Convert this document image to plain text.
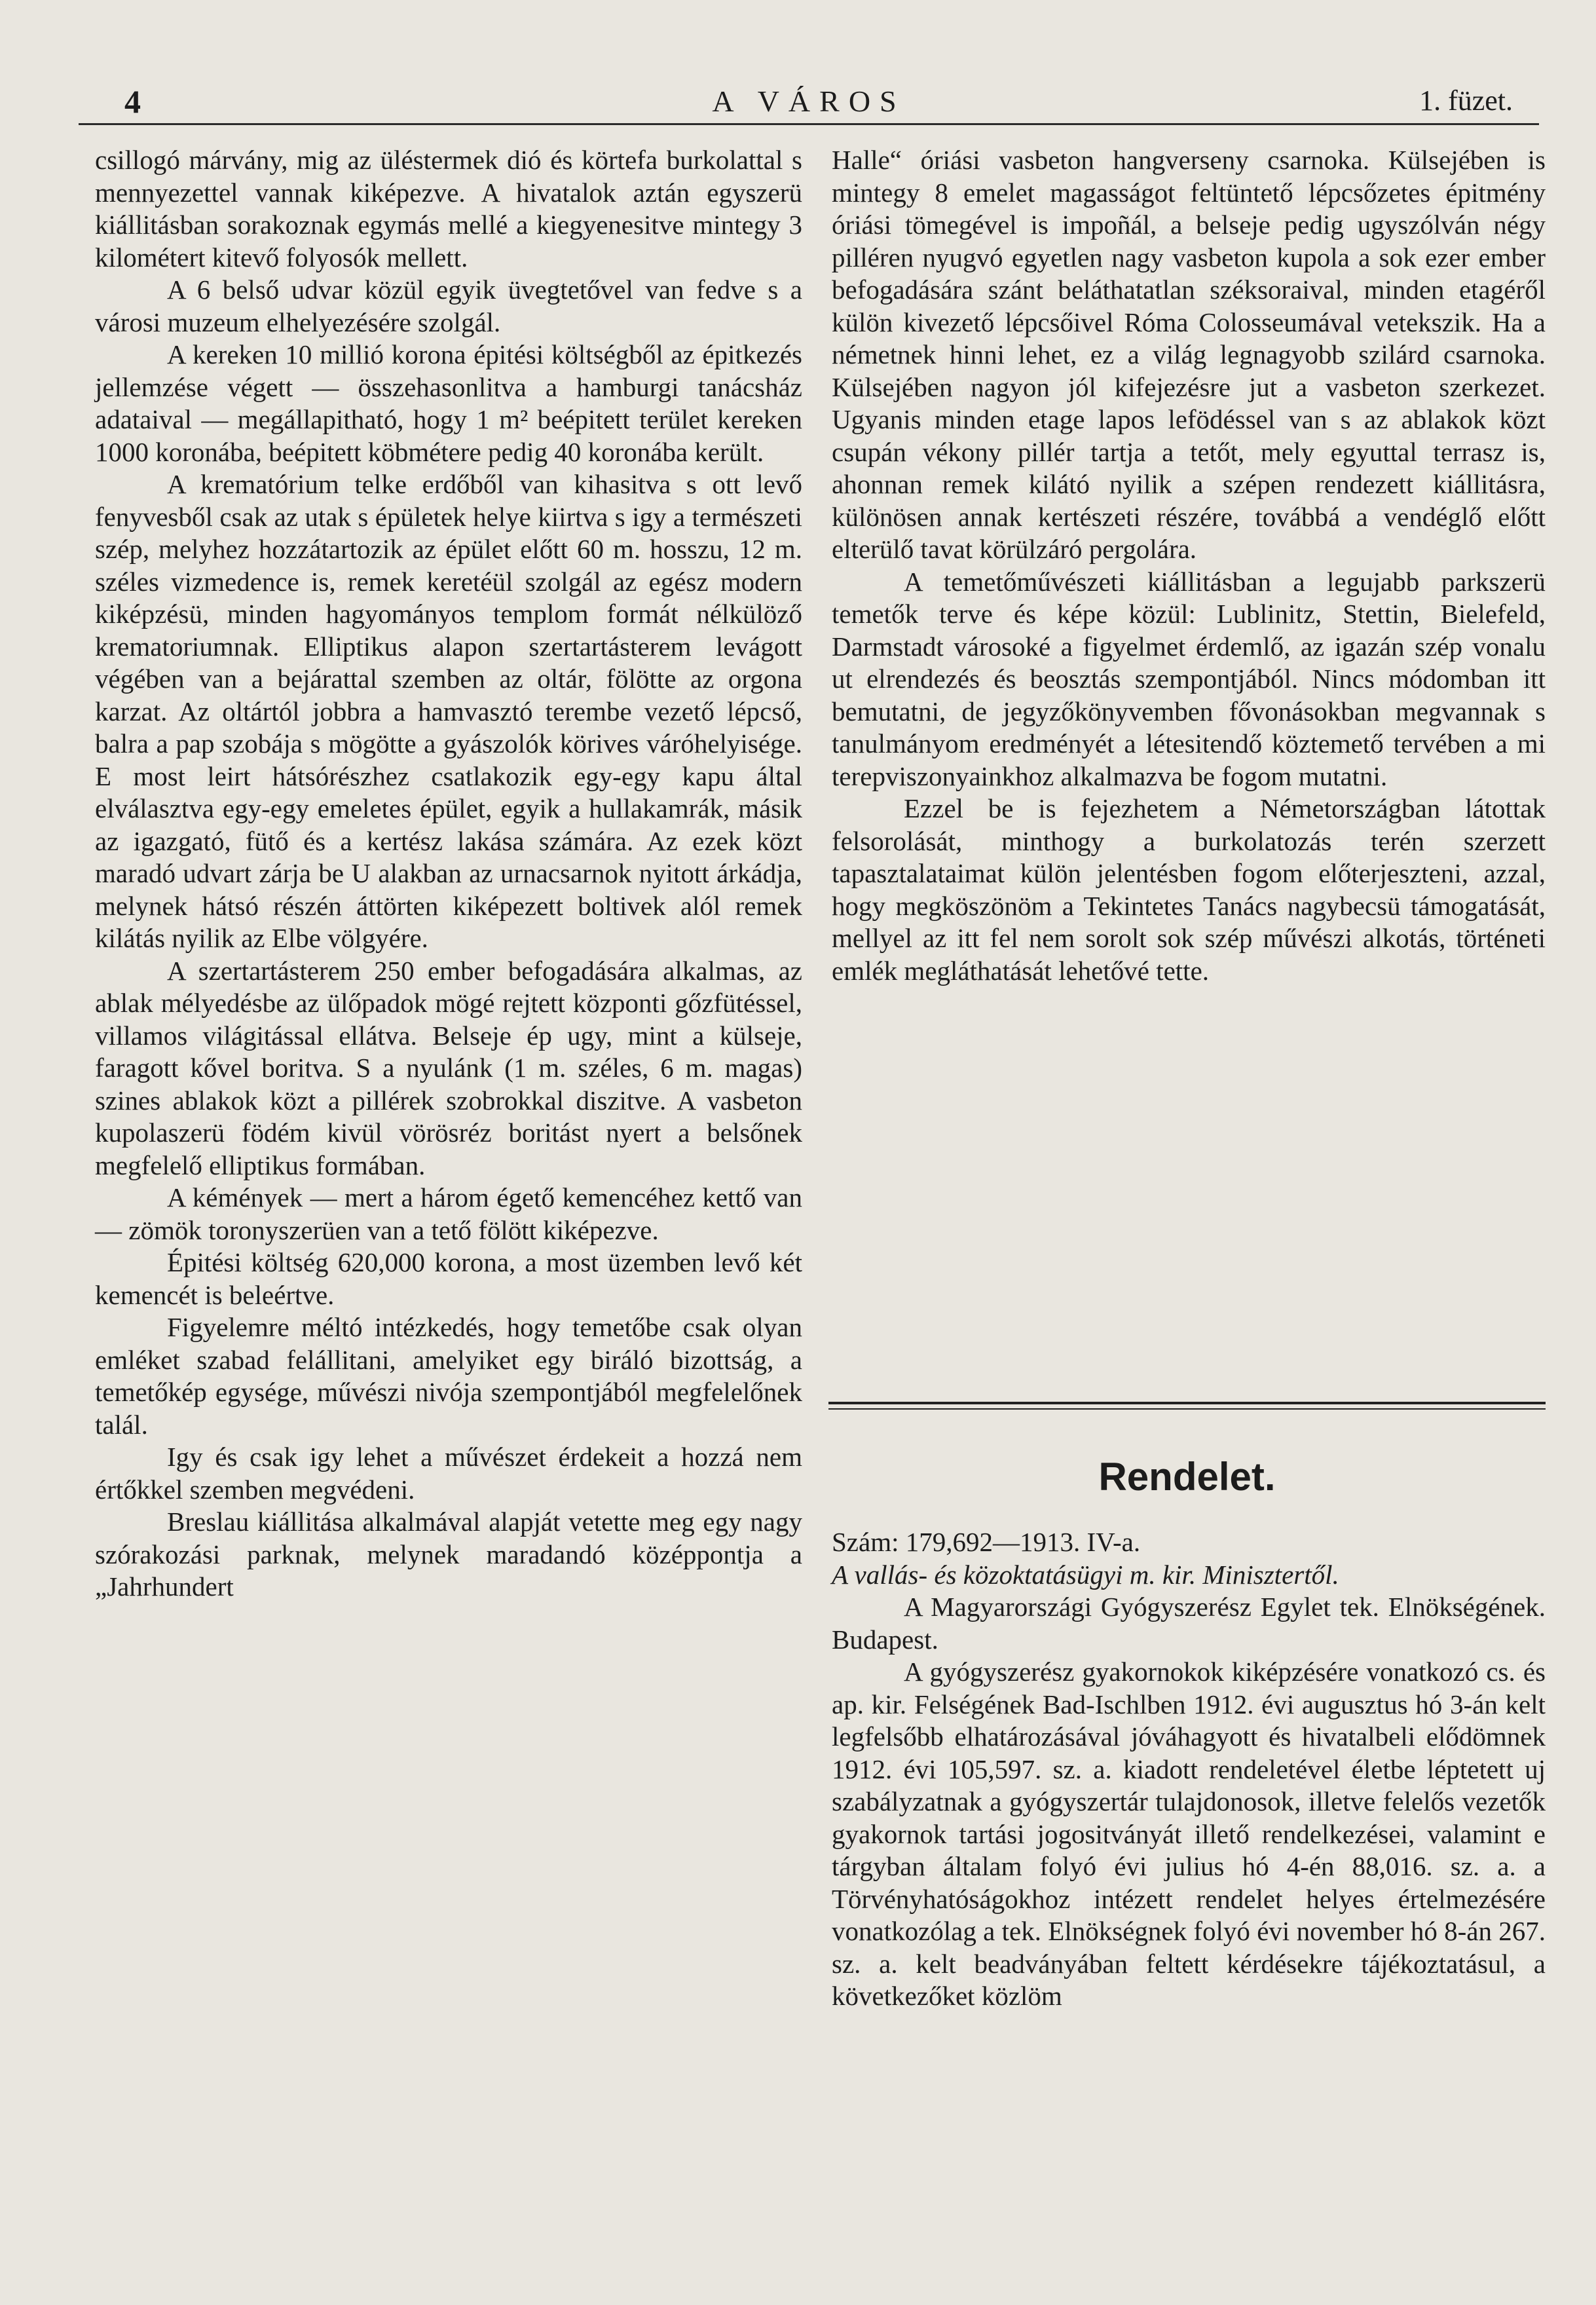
4	A VÁROS	1. füzet.

csillogó márvány, mig az üléstermek dió és körtefa burkolattal s mennyezettel vannak kiképezve. A hivatalok aztán egyszerü kiállitásban sorakoznak egymás mellé a kiegyenesitve mintegy 3 kilométert kitevő folyosók mellett.

A 6 belső udvar közül egyik üvegtetővel van fedve s a városi muzeum elhelyezésére szolgál.

A kereken 10 millió korona épitési költségből az épitkezés jellemzése végett — összehasonlitva a hamburgi tanácsház adataival — megállapitható, hogy 1 m² beépitett terület kereken 1000 koronába, beépitett köbmétere pedig 40 koronába került.

A krematórium telke erdőből van kihasitva s ott levő fenyvesből csak az utak s épületek helye kiirtva s igy a természeti szép, melyhez hozzátartozik az épület előtt 60 m. hosszu, 12 m. széles vizmedence is, remek keretéül szolgál az egész modern kiképzésü, minden hagyományos templom formát nélkülöző krematoriumnak. Elliptikus alapon szertartásterem levágott végében van a bejárattal szemben az oltár, fölötte az orgona karzat. Az oltártól jobbra a hamvasztó terembe vezető lépcső, balra a pap szobája s mögötte a gyászolók körives váróhelyisége. E most leirt hátsórészhez csatlakozik egy-egy kapu által elválasztva egy-egy emeletes épület, egyik a hullakamrák, másik az igazgató, fütő és a kertész lakása számára. Az ezek közt maradó udvart zárja be U alakban az urnacsarnok nyitott árkádja, melynek hátsó részén áttörten kiképezett boltivek alól remek kilátás nyilik az Elbe völgyére.

A szertartásterem 250 ember befogadására alkalmas, az ablak mélyedésbe az ülőpadok mögé rejtett központi gőzfütéssel, villamos világitással ellátva. Belseje ép ugy, mint a külseje, faragott kővel boritva. S a nyulánk (1 m. széles, 6 m. magas) szines ablakok közt a pillérek szobrokkal diszitve. A vasbeton kupolaszerü födém kivül vörösréz boritást nyert a belsőnek megfelelő elliptikus formában.

A kémények — mert a három égető kemencéhez kettő van — zömök toronyszerüen van a tető fölött kiképezve.

Épitési költség 620,000 korona, a most üzemben levő két kemencét is beleértve.

Figyelemre méltó intézkedés, hogy temetőbe csak olyan emléket szabad felállitani, amelyiket egy biráló bizottság, a temetőkép egysége, művészi nivója szempontjából megfelelőnek talál.

Igy és csak igy lehet a művészet érdekeit a hozzá nem értőkkel szemben megvédeni.

Breslau kiállitása alkalmával alapját vetette meg egy nagy szórakozási parknak, melynek maradandó középpontja a „Jahrhundert

Halle“ óriási vasbeton hangverseny csarnoka. Külsejében is mintegy 8 emelet magasságot feltüntető lépcsőzetes épitmény óriási tömegével is impoñál, a belseje pedig ugyszólván négy pilléren nyugvó egyetlen nagy vasbeton kupola a sok ezer ember befogadására szánt beláthatatlan széksoraival, minden etagéről külön kivezető lépcsőivel Róma Colosseumával vetekszik. Ha a németnek hinni lehet, ez a világ legnagyobb szilárd csarnoka. Külsejében nagyon jól kifejezésre jut a vasbeton szerkezet. Ugyanis minden etage lapos lefödéssel van s az ablakok közt csupán vékony pillér tartja a tetőt, mely egyuttal terrasz is, ahonnan remek kilátó nyilik a szépen rendezett kiállitásra, különösen annak kertészeti részére, továbbá a vendéglő előtt elterülő tavat körülzáró pergolára.

A temetőművészeti kiállitásban a legujabb parkszerü temetők terve és képe közül: Lublinitz, Stettin, Bielefeld, Darmstadt városoké a figyelmet érdemlő, az igazán szép vonalu ut elrendezés és beosztás szempontjából. Nincs módomban itt bemutatni, de jegyzőkönyvemben fővonásokban megvannak s tanulmányom eredményét a létesitendő köztemető tervében a mi terepviszonyainkhoz alkalmazva be fogom mutatni.

Ezzel be is fejezhetem a Németországban látottak felsorolását, minthogy a burkolatozás terén szerzett tapasztalataimat külön jelentésben fogom előterjeszteni, azzal, hogy megköszönöm a Tekintetes Tanács nagybecsü támogatását, mellyel az itt fel nem sorolt sok szép művészi alkotás, történeti emlék megláthatását lehetővé tette.

Rendelet.

Szám: 179,692—1913. IV-a.

A vallás- és közoktatásügyi m. kir. Minisztertől.

A Magyarországi Gyógyszerész Egylet tek. Elnökségének. Budapest.

A gyógyszerész gyakornokok kiképzésére vonatkozó cs. és ap. kir. Felségének Bad-Ischlben 1912. évi augusztus hó 3-án kelt legfelsőbb elhatározásával jóváhagyott és hivatalbeli elődömnek 1912. évi 105,597. sz. a. kiadott rendeletével életbe léptetett uj szabályzatnak a gyógyszertár tulajdonosok, illetve felelős vezetők gyakornok tartási jogositványát illető rendelkezései, valamint e tárgyban általam folyó évi julius hó 4-én 88,016. sz. a. a Törvényhatóságokhoz intézett rendelet helyes értelmezésére vonatkozólag a tek. Elnökségnek folyó évi november hó 8-án 267. sz. a. kelt beadványában feltett kérdésekre tájékoztatásul, a következőket közlöm
